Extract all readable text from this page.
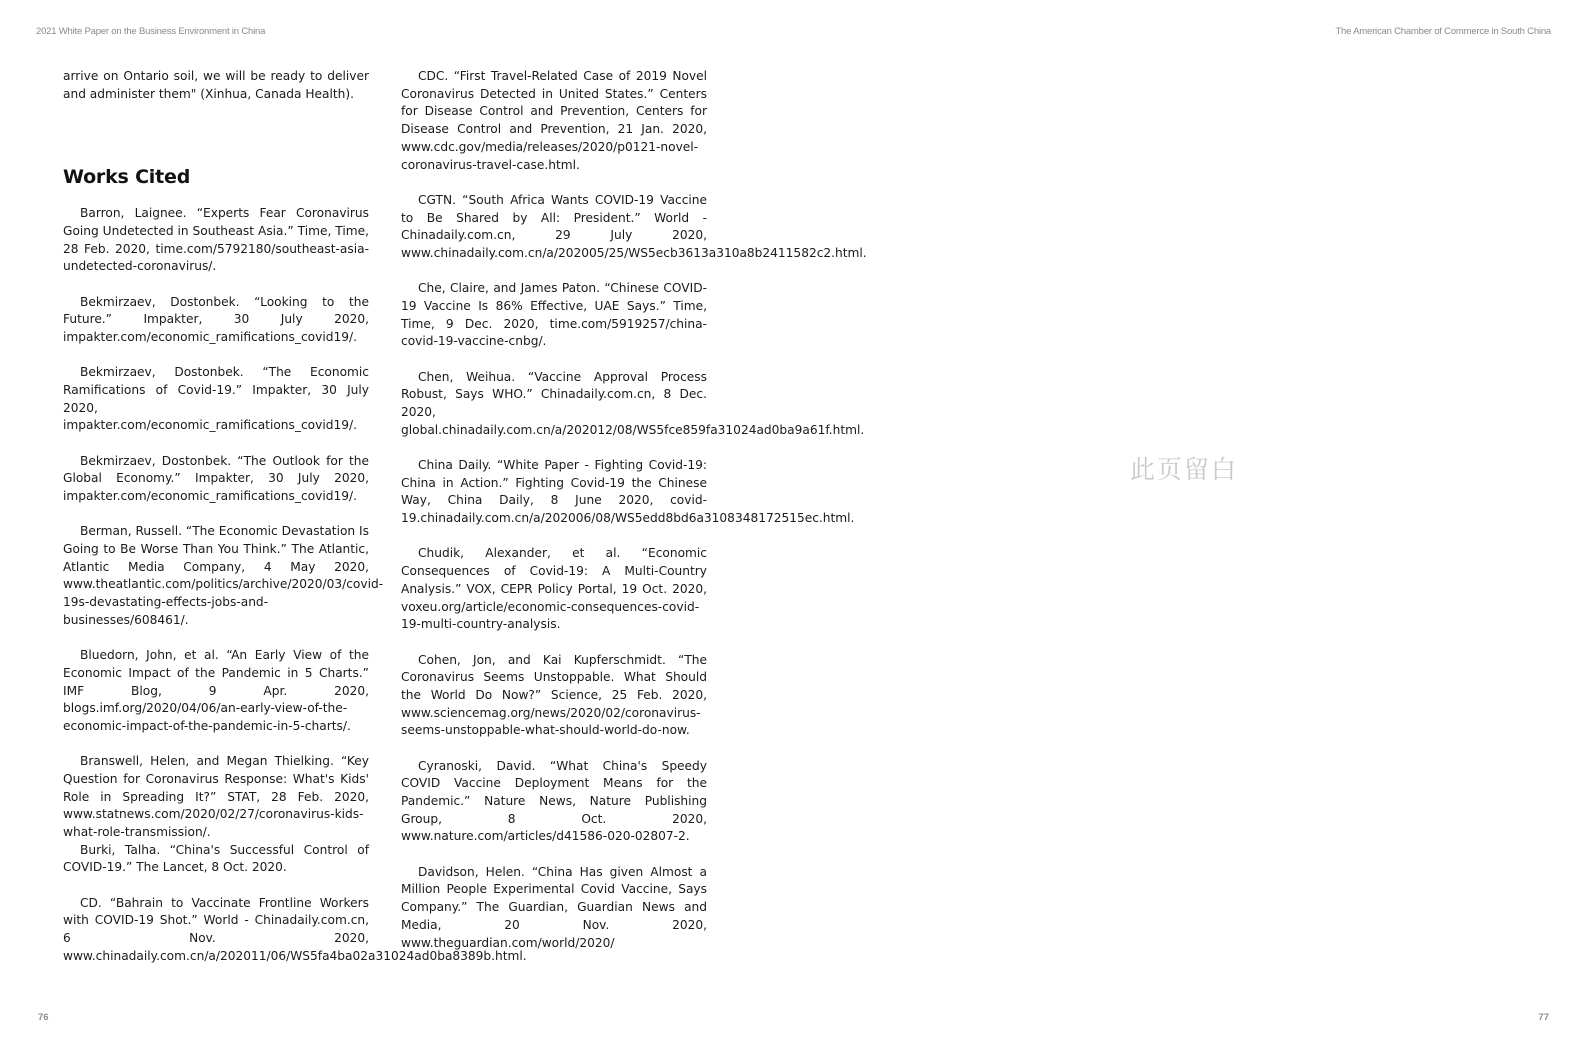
2021 White Paper on the Business Environment in China	The American Chamber of Commerce in South China

arrive on Ontario soil, we will be ready to deliver and administer them" (Xinhua, Canada Health).

Works Cited

Barron, Laignee. “Experts Fear Coronavirus Going Undetected in Southeast Asia.” Time, Time, 28 Feb. 2020, time.com/5792180/southeast-asia-undetected-coronavirus/.

Bekmirzaev, Dostonbek. “Looking to the Future.” Impakter, 30 July 2020, impakter.com/economic_ramifications_covid19/.

Bekmirzaev, Dostonbek. “The Economic Ramifications of Covid-19.” Impakter, 30 July 2020, impakter.com/economic_ramifications_covid19/.

Bekmirzaev, Dostonbek. “The Outlook for the Global Economy.” Impakter, 30 July 2020, impakter.com/economic_ramifications_covid19/.

Berman, Russell. “The Economic Devastation Is Going to Be Worse Than You Think.” The Atlantic, Atlantic Media Company, 4 May 2020, www.theatlantic.com/politics/archive/2020/03/covid-19s-devastating-effects-jobs-and-businesses/608461/.

Bluedorn, John, et al. “An Early View of the Economic Impact of the Pandemic in 5 Charts.” IMF Blog, 9 Apr. 2020, blogs.imf.org/2020/04/06/an-early-view-of-the-economic-impact-of-the-pandemic-in-5-charts/.

Branswell, Helen, and Megan Thielking. “Key Question for Coronavirus Response: What's Kids' Role in Spreading It?” STAT, 28 Feb. 2020, www.statnews.com/2020/02/27/coronavirus-kids-what-role-transmission/.

Burki, Talha. “China's Successful Control of COVID-19.” The Lancet, 8 Oct. 2020.

CD. “Bahrain to Vaccinate Frontline Workers with COVID-19 Shot.” World - Chinadaily.com.cn, 6 Nov. 2020, www.chinadaily.com.cn/a/202011/06/WS5fa4ba02a31024ad0ba8389b.html.

CDC. “First Travel-Related Case of 2019 Novel Coronavirus Detected in United States.” Centers for Disease Control and Prevention, Centers for Disease Control and Prevention, 21 Jan. 2020, www.cdc.gov/media/releases/2020/p0121-novel-coronavirus-travel-case.html.

CGTN. “South Africa Wants COVID-19 Vaccine to Be Shared by All: President.” World - Chinadaily.com.cn, 29 July 2020, www.chinadaily.com.cn/a/202005/25/WS5ecb3613a310a8b2411582c2.html.

Che, Claire, and James Paton. “Chinese COVID-19 Vaccine Is 86% Effective, UAE Says.” Time, Time, 9 Dec. 2020, time.com/5919257/china-covid-19-vaccine-cnbg/.

Chen, Weihua. “Vaccine Approval Process Robust, Says WHO.” Chinadaily.com.cn, 8 Dec. 2020, global.chinadaily.com.cn/a/202012/08/WS5fce859fa31024ad0ba9a61f.html.

China Daily. “White Paper - Fighting Covid-19: China in Action.” Fighting Covid-19 the Chinese Way, China Daily, 8 June 2020, covid-19.chinadaily.com.cn/a/202006/08/WS5edd8bd6a3108348172515ec.html.

Chudik, Alexander, et al. “Economic Consequences of Covid-19: A Multi-Country Analysis.” VOX, CEPR Policy Portal, 19 Oct. 2020, voxeu.org/article/economic-consequences-covid-19-multi-country-analysis.

Cohen, Jon, and Kai Kupferschmidt. “The Coronavirus Seems Unstoppable. What Should the World Do Now?” Science, 25 Feb. 2020, www.sciencemag.org/news/2020/02/coronavirus-seems-unstoppable-what-should-world-do-now.

Cyranoski, David. “What China's Speedy COVID Vaccine Deployment Means for the Pandemic.” Nature News, Nature Publishing Group, 8 Oct. 2020, www.nature.com/articles/d41586-020-02807-2.

Davidson, Helen. “China Has given Almost a Million People Experimental Covid Vaccine, Says Company.” The Guardian, Guardian News and Media, 20 Nov. 2020, www.theguardian.com/world/2020/

此页留白
76	77
